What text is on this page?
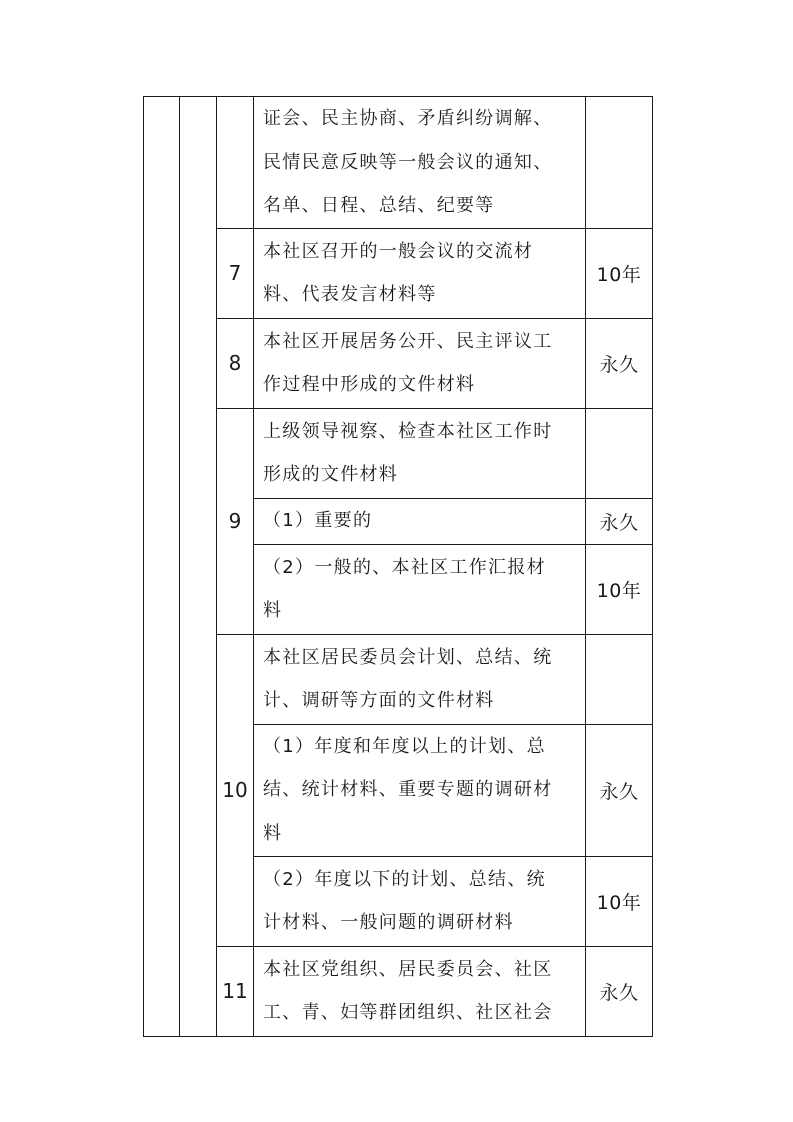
			证会、民主协商、矛盾纠纷调解、
民情民意反映等一般会议的通知、
名单、日程、总结、纪要等	

		7	本社区召开的一般会议的交流材
料、代表发言材料等	10年
		8	本社区开展居务公开、民主评议工
作过程中形成的文件材料	永久
		9	上级领导视察、检查本社区工作时
形成的文件材料	

			（1）重要的	永久

			（2）一般的、本社区工作汇报材
料	10年
		10	本社区居民委员会计划、总结、统
计、调研等方面的文件材料	

			（1）年度和年度以上的计划、总
结、统计材料、重要专题的调研材
料	永久

			（2）年度以下的计划、总结、统
计材料、一般问题的调研材料	10年
		11	本社区党组织、居民委员会、社区
工、青、妇等群团组织、社区社会	永久
